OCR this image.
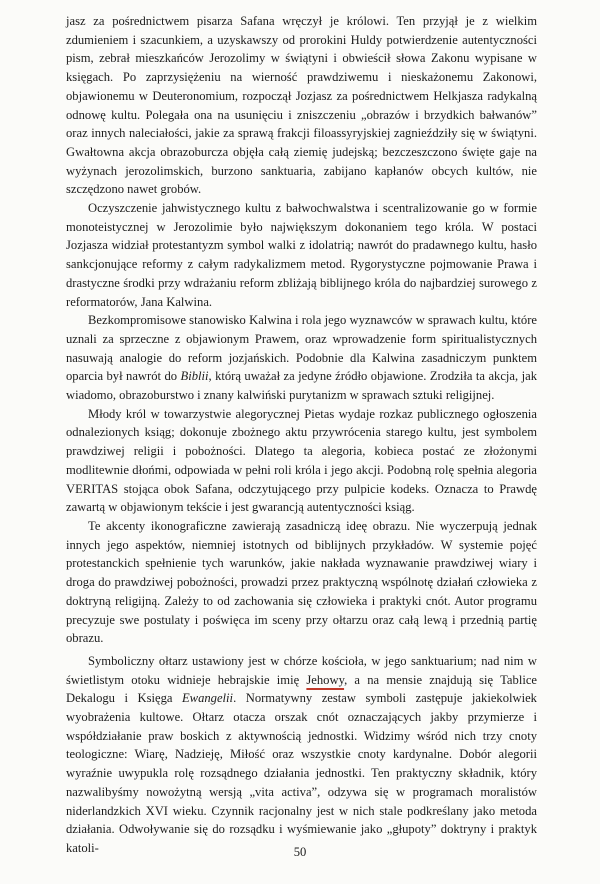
jasz za pośrednictwem pisarza Safana wręczył je królowi. Ten przyjął je z wielkim zdumieniem i szacunkiem, a uzyskawszy od prorokini Huldy potwierdzenie autentyczności pism, zebrał mieszkańców Jerozolimy w świątyni i obwieścił słowa Zakonu wypisane w księgach. Po zaprzysiężeniu na wierność prawdziwemu i nieskażonemu Zakonowi, objawionemu w Deuteronomium, rozpoczął Jozjasz za pośrednictwem Helkjasza radykalną odnowę kultu. Polegała ona na usunięciu i zniszczeniu „obrazów i brzydkich bałwanów” oraz innych naleciałości, jakie za sprawą frakcji filoassyryjskiej zagnieździły się w świątyni. Gwałtowna akcja obrazoburcza objęła całą ziemię judejską; bezczeszczono święte gaje na wyżynach jerozolimskich, burzono sanktuaria, zabijano kapłanów obcych kultów, nie szczędzono nawet grobów.

Oczyszczenie jahwistycznego kultu z bałwochwalstwa i scentralizowanie go w formie monoteistycznej w Jerozolimie było największym dokonaniem tego króla. W postaci Jozjasza widział protestantyzm symbol walki z idolatrią; nawrót do pradawnego kultu, hasło sankcjonujące reformy z całym radykalizmem metod. Rygorystyczne pojmowanie Prawa i drastyczne środki przy wdrażaniu reform zbliżają biblijnego króla do najbardziej surowego z reformatorów, Jana Kalwina.

Bezkompromisowe stanowisko Kalwina i rola jego wyznawców w sprawach kultu, które uznali za sprzeczne z objawionym Prawem, oraz wprowadzenie form spiritualistycznych nasuwają analogie do reform jozjańskich. Podobnie dla Kalwina zasadniczym punktem oparcia był nawrót do Biblii, którą uważał za jedyne źródło objawione. Zrodziła ta akcja, jak wiadomo, obrazoburstwo i znany kalwiński purytanizm w sprawach sztuki religijnej.

Młody król w towarzystwie alegorycznej Pietas wydaje rozkaz publicznego ogłoszenia odnalezionych ksiąg; dokonuje zbożnego aktu przywrócenia starego kultu, jest symbolem prawdziwej religii i pobożności. Dlatego ta alegoria, kobieca postać ze złożonymi modlitewnie dłońmi, odpowiada w pełni roli króla i jego akcji. Podobną rolę spełnia alegoria VERITAS stojąca obok Safana, odczytującego przy pulpicie kodeks. Oznacza to Prawdę zawartą w objawionym tekście i jest gwarancją autentyczności ksiąg.

Te akcenty ikonograficzne zawierają zasadniczą ideę obrazu. Nie wyczerpują jednak innych jego aspektów, niemniej istotnych od biblijnych przykładów. W systemie pojęć protestanckich spełnienie tych warunków, jakie nakłada wyznawanie prawdziwej wiary i droga do prawdziwej pobożności, prowadzi przez praktyczną wspólnotę działań człowieka z doktryną religijną. Zależy to od zachowania się człowieka i praktyki cnót. Autor programu precyzuje swe postulaty i poświęca im sceny przy ołtarzu oraz całą lewą i przednią partię obrazu.

Symboliczny ołtarz ustawiony jest w chórze kościoła, w jego sanktuarium; nad nim w świetlistym otoku widnieje hebrajskie imię Jehowy, a na mensie znajdują się Tablice Dekalogu i Księga Ewangelii. Normatywny zestaw symboli zastępuje jakiekolwiek wyobrażenia kultowe. Ołtarz otacza orszak cnót oznaczających jakby przymierze i współdziałanie praw boskich z aktywnością jednostki. Widzimy wśród nich trzy cnoty teologiczne: Wiarę, Nadzieję, Miłość oraz wszystkie cnoty kardynalne. Dobór alegorii wyraźnie uwypukla rolę rozsądnego działania jednostki. Ten praktyczny składnik, który nazwalibyśmy nowożytną wersją „vita activa”, odzywa się w programach moralistów niderlandzkich XVI wieku. Czynnik racjonalny jest w nich stale podkreślany jako metoda działania. Odwoływanie się do rozsądku i wyśmiewanie jako „głupoty” doktryny i praktyk katoli-	50
